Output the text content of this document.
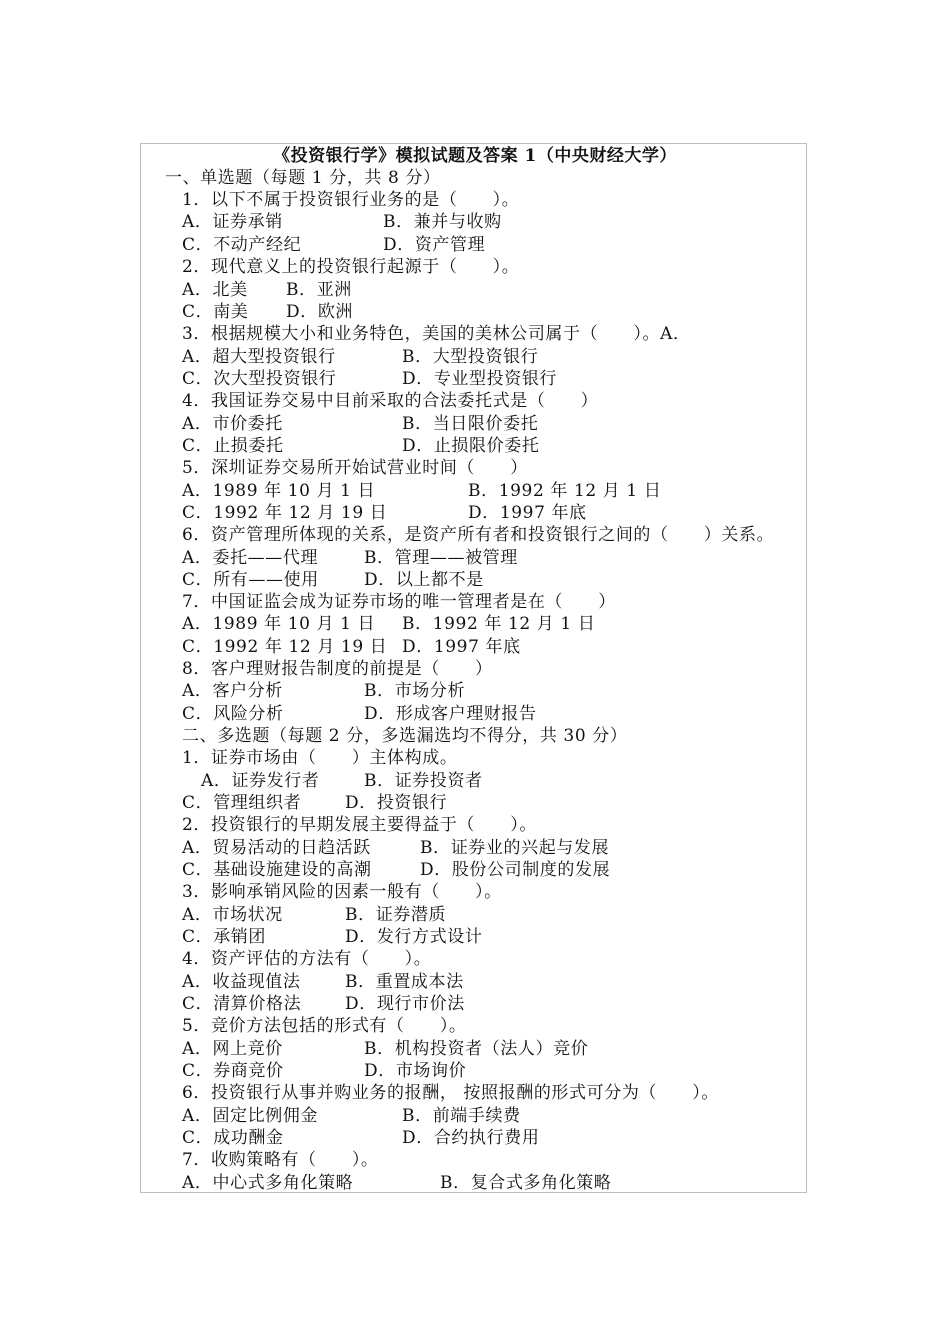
《投资银行学》模拟试题及答案 1（中央财经大学）
一、单选题（每题 1 分，共 8 分）
1．以下不属于投资银行业务的是（　　）。
A．证券承销	B．兼并与收购
C．不动产经纪	D．资产管理
2．现代意义上的投资银行起源于（　　）。
A．北美 B．亚洲
C．南美 D．欧洲
3．根据规模大小和业务特色，美国的美林公司属于（　　）。A．
A．超大型投资银行	B．大型投资银行
C．次大型投资银行	D．专业型投资银行
4．我国证券交易中目前采取的合法委托式是（　　）
A．市价委托	B．当日限价委托
C．止损委托	D．止损限价委托
5．深圳证券交易所开始试营业时间（　　）
A．1989 年 10 月 1 日	B．1992 年 12 月 1 日
C．1992 年 12 月 19 日	D．1997 年底
6．资产管理所体现的关系，是资产所有者和投资银行之间的（　　）关系。
A．委托——代理	B．管理——被管理
C．所有——使用	D．以上都不是
7．中国证监会成为证券市场的唯一管理者是在（　　）
A．1989 年 10 月 1 日 B．1992 年 12 月 1 日
C．1992 年 12 月 19 日 D．1997 年底
8．客户理财报告制度的前提是（　　）
A．客户分析	B．市场分析
C．风险分析	D．形成客户理财报告
二、多选题（每题 2 分，多选漏选均不得分，共 30 分）
1．证券市场由（　　）主体构成。
A．证券发行者	B．证券投资者
C．管理组织者	D．投资银行
2．投资银行的早期发展主要得益于（　　）。
A．贸易活动的日趋活跃	B．证券业的兴起与发展
C．基础设施建设的高潮	D．股份公司制度的发展
3．影响承销风险的因素一般有（　　）。
A．市场状况	B．证券潜质
C．承销团	D．发行方式设计
4．资产评估的方法有（　　）。
A．收益现值法	B．重置成本法
C．清算价格法	D．现行市价法
5．竞价方法包括的形式有（　　）。
A．网上竞价	B．机构投资者（法人）竞价
C．券商竞价	D．市场询价
6．投资银行从事并购业务的报酬， 按照报酬的形式可分为（　　）。
A．固定比例佣金	B．前端手续费
C．成功酬金	D．合约执行费用
7．收购策略有（　　）。
A．中心式多角化策略	B．复合式多角化策略
